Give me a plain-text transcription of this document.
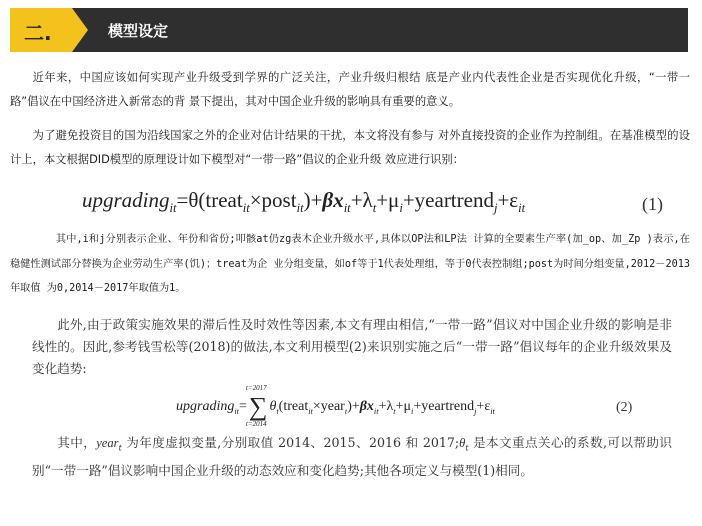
二.	模型设定

近年来，中国应该如何实现产业升级受到学界的广泛关注，产业升级归根结 底是产业内代表性企业是否实现优化升级，“一带一路”倡议在中国经济进入新常态的背 景下提出，其对中国企业升级的影响具有重要的意义。

为了避免投资目的国为沿线国家之外的企业对估计结果的干扰，本文将没有参与 对外直接投资的企业作为控制组。在基准模型的设计上，本文根据DID模型的原理设计如下模型对“一带一路”倡议的企业升级 效应进行识别：

$upgrading_{it}=\theta(treat_{it}\times post_{it})+\beta x_{it}+\lambda_t+\mu_i+yeartrend_j+\varepsilon_{it}$	(1)

其中,i和j分别表示企业、年份和省份;叩骸at仍zg表木企业升级水平,具体以OP法和LP法 计算的全要素生产率(加_op、加_Zp )表示,在稳健性测试部分替换为企业劳动生产率(饥)；treat为企 业分组变量，如of等于1代表处理组，等于0代表控制组;post为时间分组变量,2012－2013年取值 为0,2014－2017年取值为1。

此外,由于政策实施效果的滞后性及时效性等因素,本文有理由相信,“一带一路”倡议对中国企业升级的影响是非线性的。因此,参考钱雪松等(2018)的做法,本文利用模型(2)来识别实施之后“一带一路”倡议每年的企业升级效果及变化趋势:

upgrading$_{it}$=
t=2017
∑
t=2014
$\theta_t(treat_{it}\times year_t)+\beta x_{it}+\lambda_t+\mu_i+yeartrend_j+\varepsilon_{it}$	(2)

其中，year$_t$ 为年度虚拟变量,分别取值 2014、2015、2016 和 $2017;\theta_t$ 是本文重点关心的系数,可以帮助识别“一带一路”倡议影响中国企业升级的动态效应和变化趋势;其他各项定义与模型(1)相同。
